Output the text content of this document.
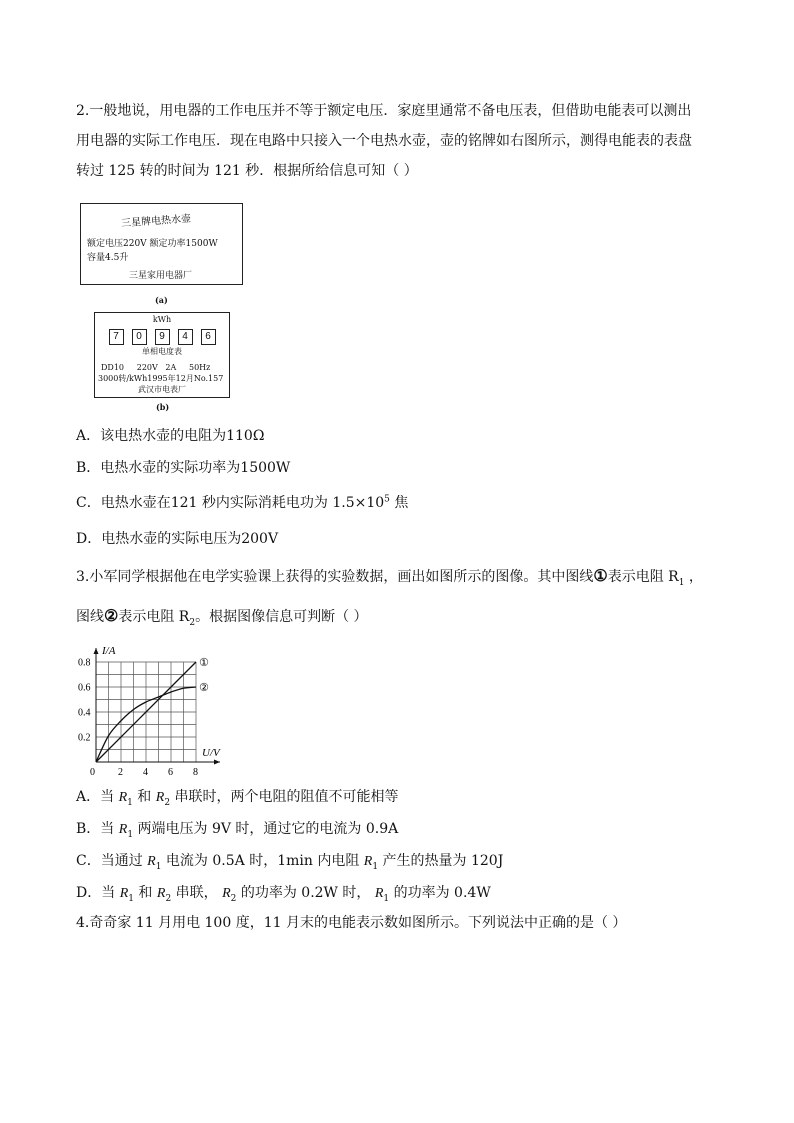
2.一般地说，用电器的工作电压并不等于额定电压．家庭里通常不备电压表，但借助电能表可以测出
用电器的实际工作电压．现在电路中只接入一个电热水壶，壶的铭牌如右图所示，测得电能表的表盘
转过 125 转的时间为 121 秒．根据所给信息可知（ ）
三星牌电热水壶
额定电压220V 额定功率1500W
容量4.5升
三星家用电器厂
(a)
kWh
7 0 9 4 6
单相电度表
DD10     220V   2A     50Hz
3000转/kWh1995年12月No.157
武汉市电表厂
(b)
A．该电热水壶的电阻为110Ω
B．电热水壶的实际功率为1500W
C．电热水壶在121 秒内实际消耗电功为 $1.5\times 10^5$ 焦
D．电热水壶的实际电压为200V
3.小军同学根据他在电学实验课上获得的实验数据，画出如图所示的图像。其中图线①表示电阻 $R_1$ ，
图线②表示电阻 $R_2$。根据图像信息可判断（ ）
I/A
U/V
0 2 4 6 8
0.2
0.4
0.6
0.8	①
②
A．当 $R_1$ 和 $R_2$ 串联时，两个电阻的阻值不可能相等
B．当 $R_1$ 两端电压为 9V 时，通过它的电流为 0.9A
C．当通过 $R_1$ 电流为 0.5A 时，1min 内电阻 $R_1$ 产生的热量为 120J
D．当 $R_1$ 和 $R_2$ 串联， $R_2$ 的功率为 0.2W 时， $R_1$ 的功率为 0.4W
4.奇奇家 11 月用电 100 度，11 月末的电能表示数如图所示。下列说法中正确的是（ ）
